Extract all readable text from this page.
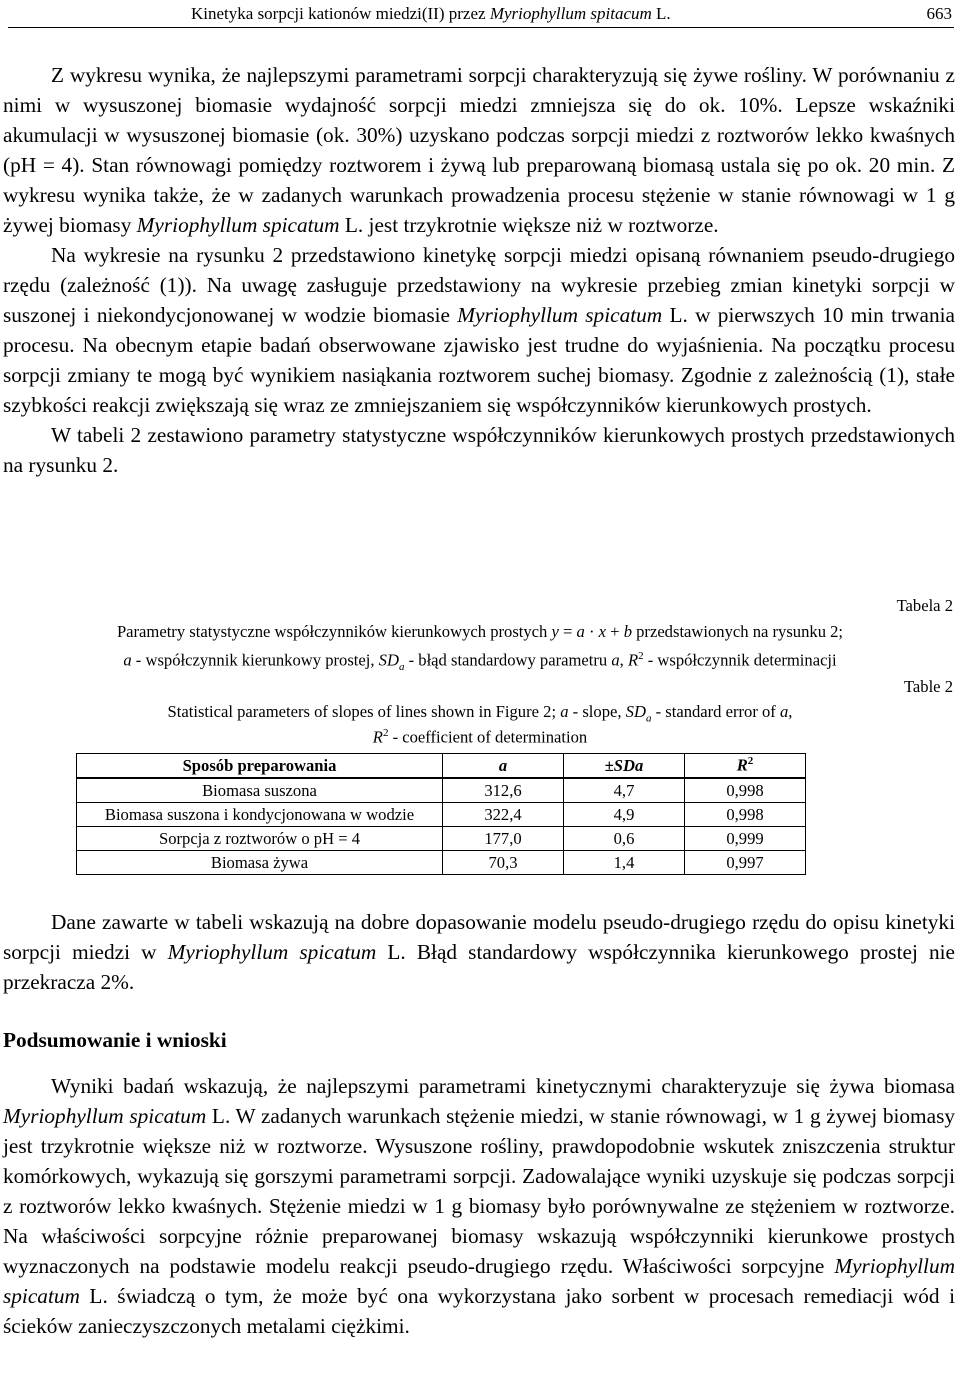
Kinetyka sorpcji kationów miedzi(II) przez Myriophyllum spitacum L.	663

Z wykresu wynika, że najlepszymi parametrami sorpcji charakteryzują się żywe rośliny. W porównaniu z nimi w wysuszonej biomasie wydajność sorpcji miedzi zmniejsza się do ok. 10%. Lepsze wskaźniki akumulacji w wysuszonej biomasie (ok. 30%) uzyskano podczas sorpcji miedzi z roztworów lekko kwaśnych (pH = 4). Stan równowagi pomiędzy roztworem i żywą lub preparowaną biomasą ustala się po ok. 20 min. Z wykresu wynika także, że w zadanych warunkach prowadzenia procesu stężenie w stanie równowagi w 1 g żywej biomasy Myriophyllum spicatum L. jest trzykrotnie większe niż w roztworze.

Na wykresie na rysunku 2 przedstawiono kinetykę sorpcji miedzi opisaną równaniem pseudo-drugiego rzędu (zależność (1)). Na uwagę zasługuje przedstawiony na wykresie przebieg zmian kinetyki sorpcji w suszonej i niekondycjonowanej w wodzie biomasie Myriophyllum spicatum L. w pierwszych 10 min trwania procesu. Na obecnym etapie badań obserwowane zjawisko jest trudne do wyjaśnienia. Na początku procesu sorpcji zmiany te mogą być wynikiem nasiąkania roztworem suchej biomasy. Zgodnie z zależnością (1), stałe szybkości reakcji zwiększają się wraz ze zmniejszaniem się współczynników kierunkowych prostych.

W tabeli 2 zestawiono parametry statystyczne współczynników kierunkowych prostych przedstawionych na rysunku 2.

Tabela 2
Parametry statystyczne współczynników kierunkowych prostych y = a · x + b przedstawionych na rysunku 2;
a - współczynnik kierunkowy prostej, $SD_a$ - błąd standardowy parametru a, $R^2$ - współczynnik determinacji
Table 2
Statistical parameters of slopes of lines shown in Figure 2; a - slope, $SD_a$ - standard error of a,
$R^2$ - coefficient of determination
Sposób preparowania	a	±SDa	$R^2$
Biomasa suszona	312,6	4,7	0,998
Biomasa suszona i kondycjonowana w wodzie	322,4	4,9	0,998
Sorpcja z roztworów o pH = 4	177,0	0,6	0,999
Biomasa żywa	70,3	1,4	0,997

Dane zawarte w tabeli wskazują na dobre dopasowanie modelu pseudo-drugiego rzędu do opisu kinetyki sorpcji miedzi w Myriophyllum spicatum L. Błąd standardowy współczynnika kierunkowego prostej nie przekracza 2%.

Podsumowanie i wnioski

Wyniki badań wskazują, że najlepszymi parametrami kinetycznymi charakteryzuje się żywa biomasa Myriophyllum spicatum L. W zadanych warunkach stężenie miedzi, w stanie równowagi, w 1 g żywej biomasy jest trzykrotnie większe niż w roztworze. Wysuszone rośliny, prawdopodobnie wskutek zniszczenia struktur komórkowych, wykazują się gorszymi parametrami sorpcji. Zadowalające wyniki uzyskuje się podczas sorpcji z roztworów lekko kwaśnych. Stężenie miedzi w 1 g biomasy było porównywalne ze stężeniem w roztworze. Na właściwości sorpcyjne różnie preparowanej biomasy wskazują współczynniki kierunkowe prostych wyznaczonych na podstawie modelu reakcji pseudo-drugiego rzędu. Właściwości sorpcyjne Myriophyllum spicatum L. świadczą o tym, że może być ona wykorzystana jako sorbent w procesach remediacji wód i ścieków zanieczyszczonych metalami ciężkimi.
